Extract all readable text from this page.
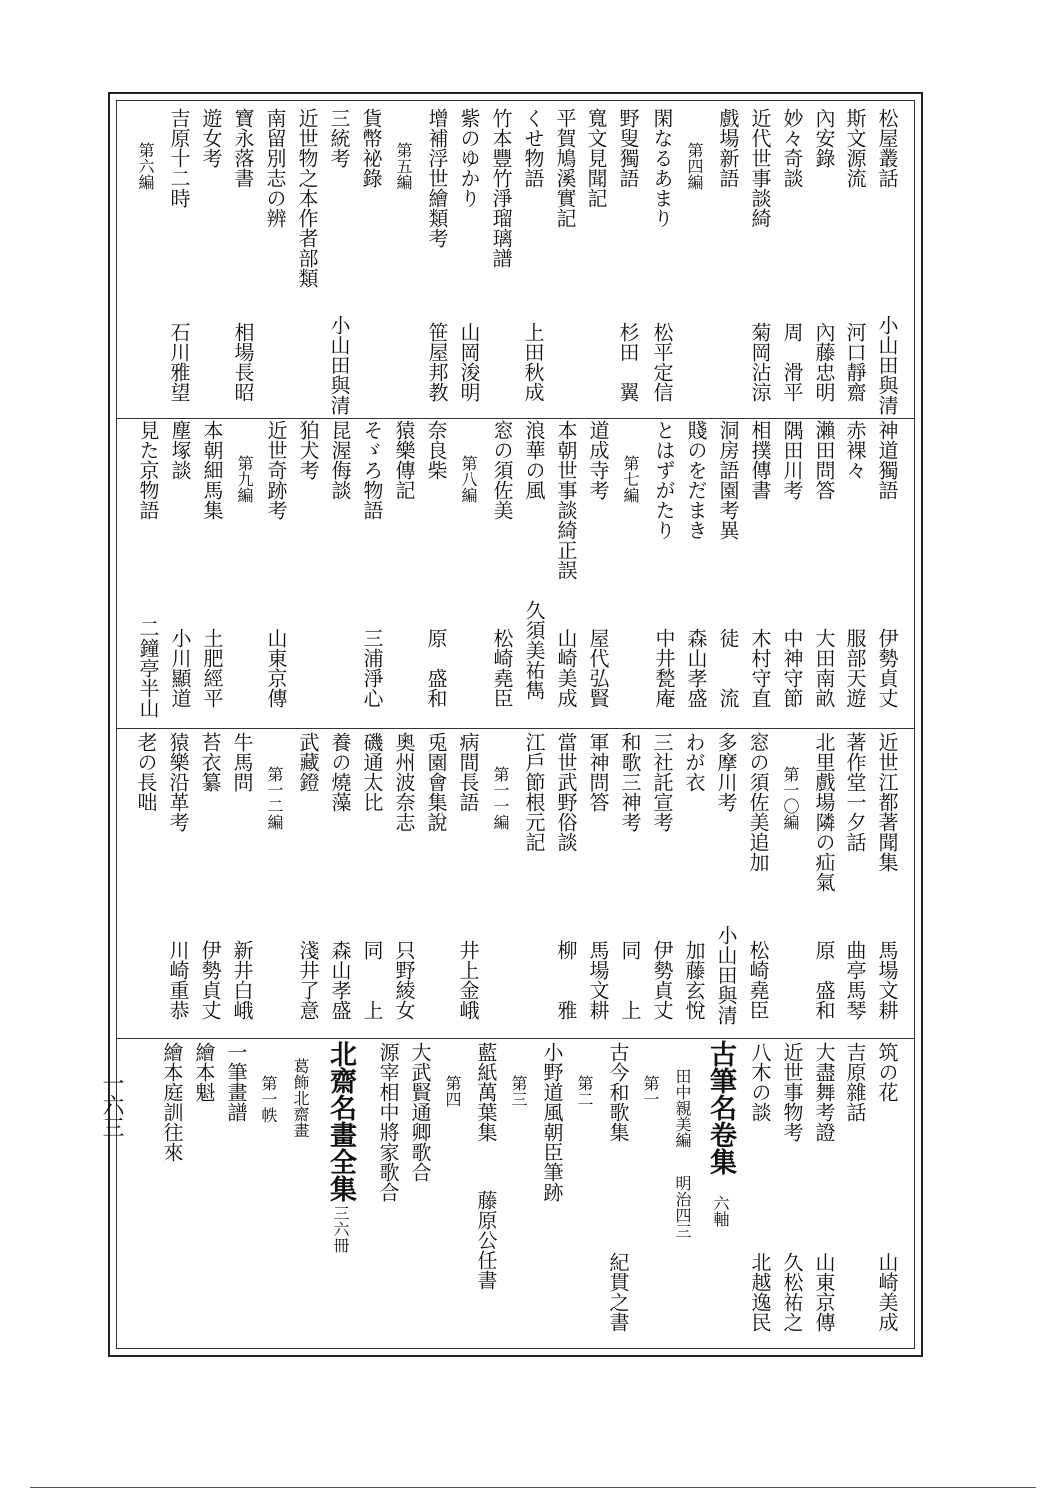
松屋叢話
小山田與清
斯文源流
河口靜齋
內安錄
內藤忠明
妙々奇談
周　滑平
近代世事談綺
菊岡沾涼
戲場新語
第四編
閑なるあまり
松平定信
野叟獨語
杉田　翼
寬文見聞記
平賀鳩溪實記
くせ物語
上田秋成
竹本豐竹淨瑠璃譜
紫のゆかり
山岡浚明
增補浮世繪類考
笹屋邦教
第五編
貨幣祕錄
三統考
小山田與清
近世物之本作者部類
南留別志の辨
寶永落書
相場長昭
遊女考
吉原十二時
石川雅望
第六編
神道獨語
伊勢貞丈
赤裸々
服部天遊
瀨田問答
大田南畝
隅田川考
中神守節
相撲傳書
木村守直
洞房語園考異
徒　　流
賤のをだまき
森山孝盛
とはずがたり
中井甃庵
第七編
道成寺考
屋代弘賢
本朝世事談綺正誤
山崎美成
浪華の風
久須美祐雋
窓の須佐美
松崎堯臣
第八編
奈良柴
原　盛和
猿樂傳記
そゞろ物語
三浦淨心
昆渥侮談
狛犬考
近世奇跡考
山東京傳
第九編
本朝細馬集
土肥經平
塵塚談
小川顯道
見た京物語
二鐘亭半山
近世江都著聞集
馬場文耕
著作堂一夕話
曲亭馬琴
北里戲場隣の疝氣
原　盛和
第一〇編
窓の須佐美追加
松崎堯臣
多摩川考
小山田與清
わが衣
加藤玄悅
三社託宣考
伊勢貞丈
和歌三神考
同　　上
軍神問答
馬場文耕
當世武野俗談
柳　　雅
江戶節根元記
第一一編
病間長語
井上金峨
兎園會集說
奧州波奈志
只野綾女
磯通太比
同　　上
養の燒藻
森山孝盛
武藏鐙
淺井了意
第一二編
牛馬問
新井白峨
苔衣纂
伊勢貞丈
猿樂沿革考
川崎重恭
老の長咄
筑の花
山崎美成
吉原雜話
大盡舞考證
山東京傳
近世事物考
久松祐之
八木の談
北越逸民
古筆名卷集
六軸
田中親美編
明治四三
第一
古今和歌集
紀貫之書
第二
小野道風朝臣筆跡
第三
藍紙萬葉集
藤原公任書
第四
大武賢通卿歌合
源宰相中將家歌合
北齋名畫全集
三六冊
葛飾北齋畫
第一帙
一筆畫譜
繪本魁
繪本庭訓往來
一六三
